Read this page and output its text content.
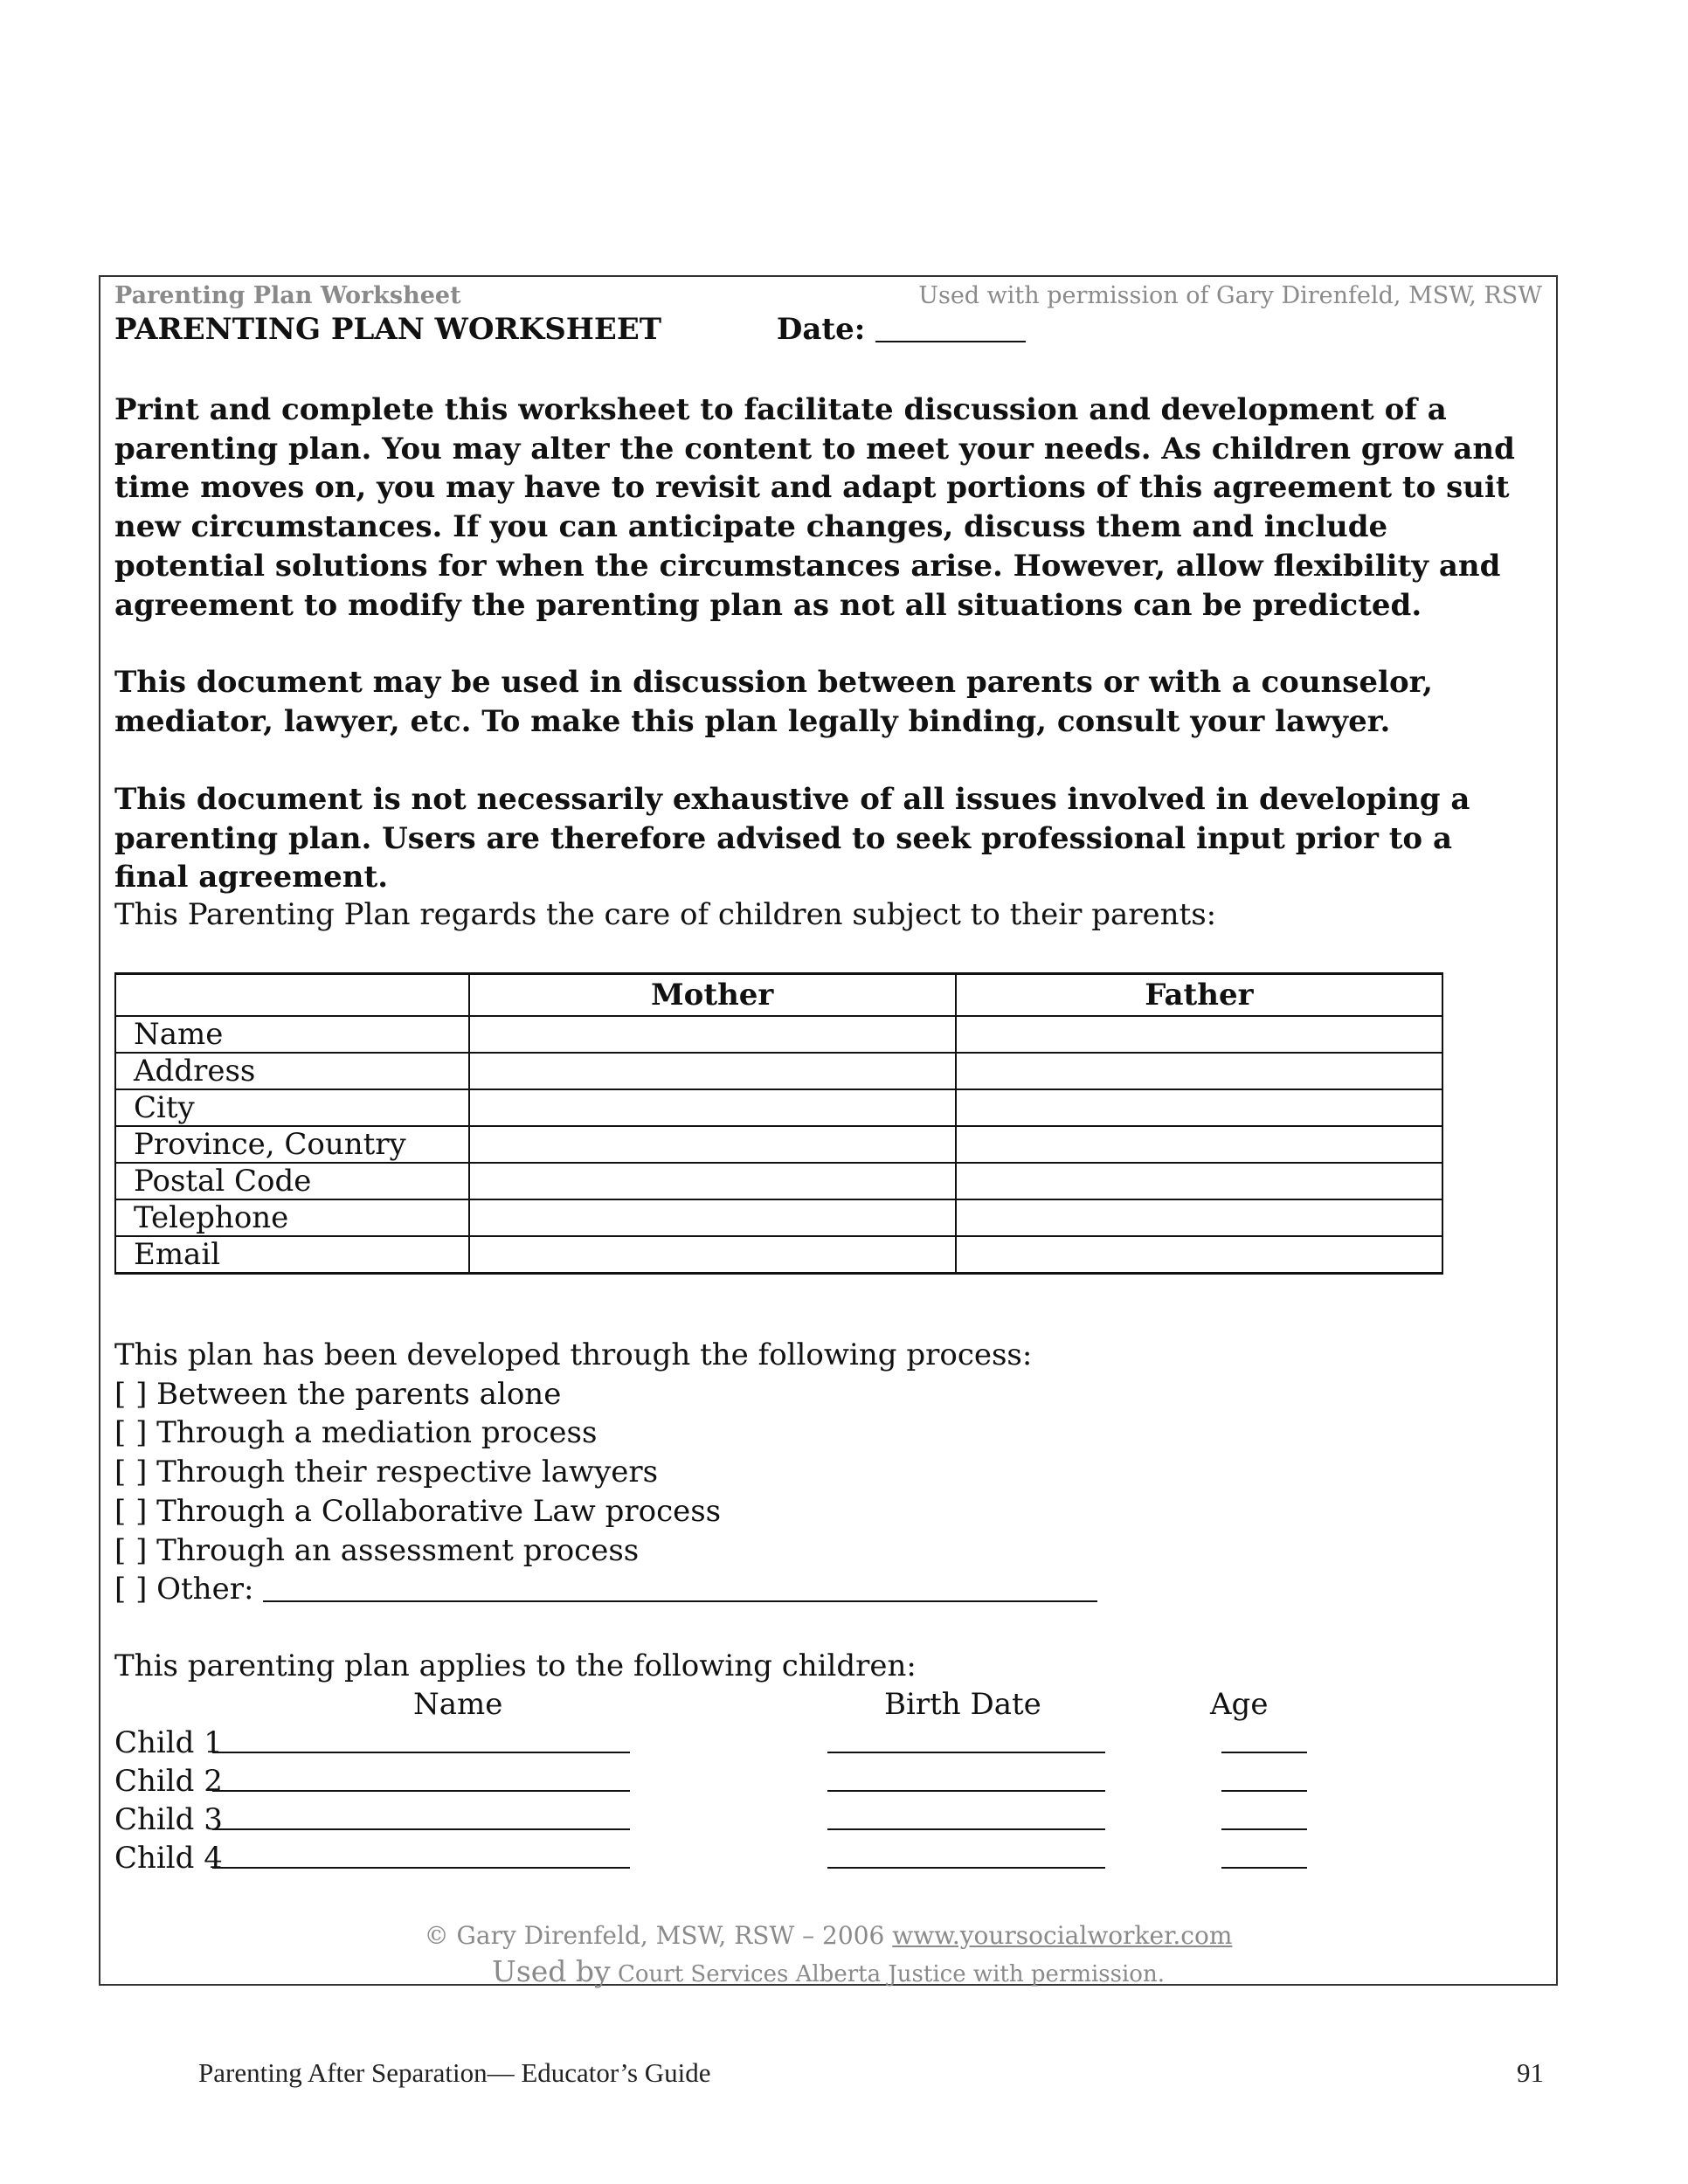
Parenting Plan Worksheet	Used with permission of Gary Direnfeld, MSW, RSW
PARENTING PLAN WORKSHEET	Date:

Print and complete this worksheet to facilitate discussion and development of a parenting plan. You may alter the content to meet your needs. As children grow and time moves on, you may have to revisit and adapt portions of this agreement to suit new circumstances. If you can anticipate changes, discuss them and include potential solutions for when the circumstances arise. However, allow flexibility and agreement to modify the parenting plan as not all situations can be predicted.

This document may be used in discussion between parents or with a counselor, mediator, lawyer, etc. To make this plan legally binding, consult your lawyer.

This document is not necessarily exhaustive of all issues involved in developing a parenting plan. Users are therefore advised to seek professional input prior to a final agreement.

This Parenting Plan regards the care of children subject to their parents:

	Mother	Father
Name		
Address		
City		
Province, Country		
Postal Code		
Telephone		
Email		
This plan has been developed through the following process:
[ ] Between the parents alone
[ ] Through a mediation process
[ ] Through their respective lawyers
[ ] Through a Collaborative Law process
[ ] Through an assessment process
[ ] Other:
This parenting plan applies to the following children:
Name	Birth Date	Age
Child 1
Child 2
Child 3
Child 4
© Gary Direnfeld, MSW, RSW – 2006 www.yoursocialworker.com
Used by Court Services Alberta Justice with permission.
Parenting After Separation— Educator’s Guide	91
